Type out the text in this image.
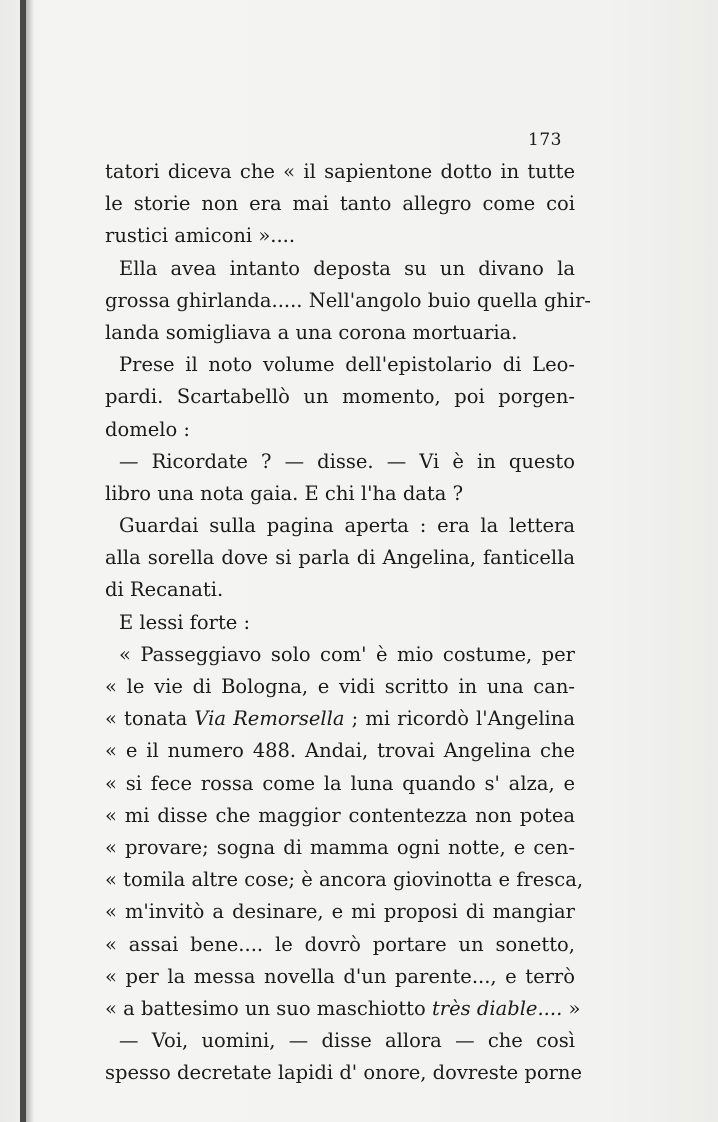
173
tatori diceva che « il sapientone dotto in tutte
le storie non era mai tanto allegro come coi
rustici amiconi »....
Ella avea intanto deposta su un divano la
grossa ghirlanda..... Nell'angolo buio quella ghir-
landa somigliava a una corona mortuaria.
Prese il noto volume dell'epistolario di Leo-
pardi. Scartabellò un momento, poi porgen-
domelo :
— Ricordate ? — disse. — Vi è in questo
libro una nota gaia. E chi l'ha data ?
Guardai sulla pagina aperta : era la lettera
alla sorella dove si parla di Angelina, fanticella
di Recanati.
E lessi forte :
« Passeggiavo solo com' è mio costume, per
« le vie di Bologna, e vidi scritto in una can-
« tonata Via Remorsella ; mi ricordò l'Angelina
« e il numero 488. Andai, trovai Angelina che
« si fece rossa come la luna quando s' alza, e
« mi disse che maggior contentezza non potea
« provare; sogna di mamma ogni notte, e cen-
« tomila altre cose; è ancora giovinotta e fresca,
« m'invitò a desinare, e mi proposi di mangiar
« assai bene.... le dovrò portare un sonetto,
« per la messa novella d'un parente..., e terrò
« a battesimo un suo maschiotto très diable.... »
— Voi, uomini, — disse allora — che così
spesso decretate lapidi d' onore, dovreste porne
